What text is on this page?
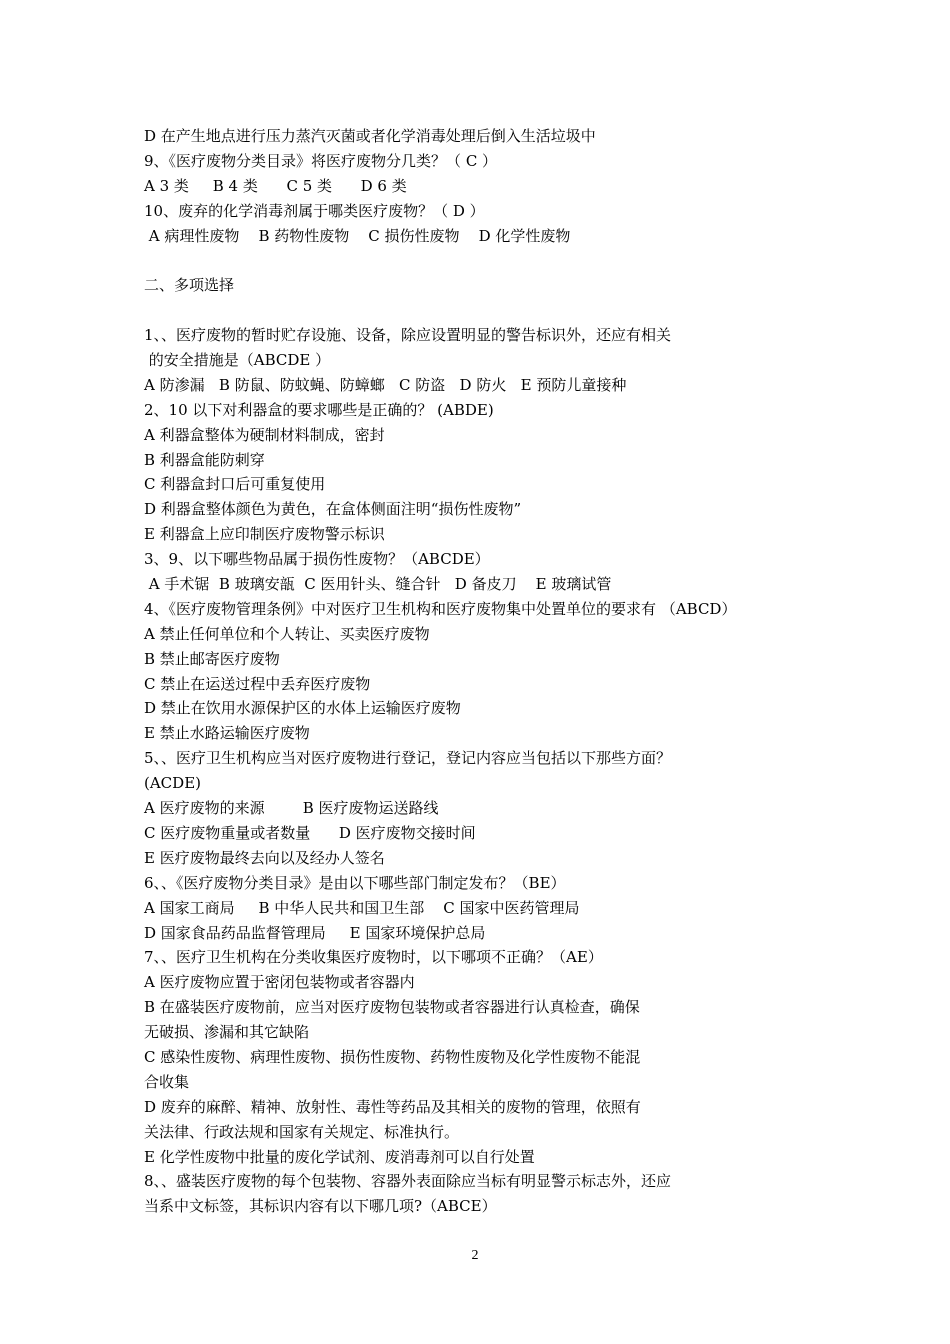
D 在产生地点进行压力蒸汽灭菌或者化学消毒处理后倒入生活垃圾中
9、《医疗废物分类目录》将医疗废物分几类？（ C ）
A 3 类     B 4 类      C 5 类      D 6 类
10、废弃的化学消毒剂属于哪类医疗废物？（ D ）
A 病理性废物    B 药物性废物    C 损伤性废物    D 化学性废物
二、多项选择
1、、医疗废物的暂时贮存设施、设备，除应设置明显的警告标识外，还应有相关
的安全措施是（ABCDE ）
A 防渗漏   B 防鼠、防蚊蝇、防蟑螂   C 防盗   D 防火   E 预防儿童接种
2、10 以下对利器盒的要求哪些是正确的？ (ABDE)
A 利器盒整体为硬制材料制成，密封
B 利器盒能防刺穿
C 利器盒封口后可重复使用
D 利器盒整体颜色为黄色，在盒体侧面注明“损伤性废物”
E 利器盒上应印制医疗废物警示标识
3、9、以下哪些物品属于损伤性废物？（ABCDE）
A 手术锯  B 玻璃安瓿  C 医用针头、缝合针   D 备皮刀    E 玻璃试管
4、《医疗废物管理条例》中对医疗卫生机构和医疗废物集中处置单位的要求有 （ABCD）
A 禁止任何单位和个人转让、买卖医疗废物
B 禁止邮寄医疗废物
C 禁止在运送过程中丢弃医疗废物
D 禁止在饮用水源保护区的水体上运输医疗废物
E 禁止水路运输医疗废物
5、、医疗卫生机构应当对医疗废物进行登记，登记内容应当包括以下那些方面？
(ACDE)
A 医疗废物的来源        B 医疗废物运送路线
C 医疗废物重量或者数量      D 医疗废物交接时间
E 医疗废物最终去向以及经办人签名
6、、《医疗废物分类目录》是由以下哪些部门制定发布？（BE）
A 国家工商局     B 中华人民共和国卫生部    C 国家中医药管理局
D 国家食品药品监督管理局     E 国家环境保护总局
7、、医疗卫生机构在分类收集医疗废物时，以下哪项不正确？（AE）
A 医疗废物应置于密闭包装物或者容器内
B 在盛装医疗废物前，应当对医疗废物包装物或者容器进行认真检查，确保
无破损、渗漏和其它缺陷
C 感染性废物、病理性废物、损伤性废物、药物性废物及化学性废物不能混
合收集
D 废弃的麻醉、精神、放射性、毒性等药品及其相关的废物的管理，依照有
关法律、行政法规和国家有关规定、标准执行。
E 化学性废物中批量的废化学试剂、废消毒剂可以自行处置
8、、盛装医疗废物的每个包装物、容器外表面除应当标有明显警示标志外，还应
当系中文标签，其标识内容有以下哪几项?（ABCE）
2
